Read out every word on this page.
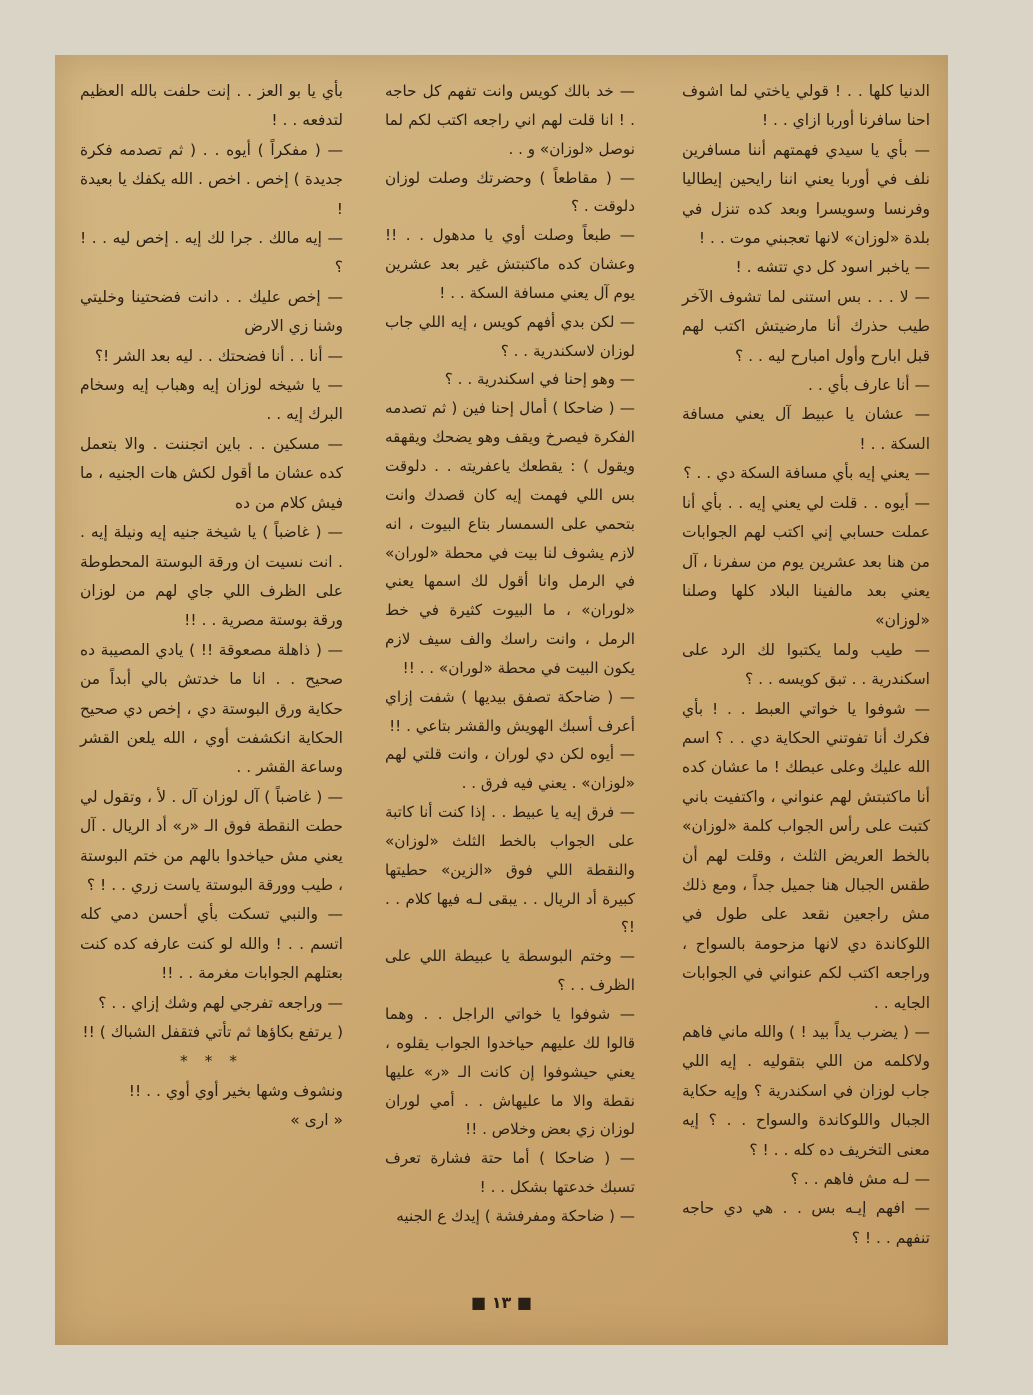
الدنيا كلها . . ! قولي ياختي لما اشوف احنا سافرنا أوربا ازاي . . !

— بأي يا سيدي فهمتهم أننا مسافرين نلف في أوربا يعني اننا رايحين إيطاليا وفرنسا وسويسرا وبعد كده تنزل في بلدة «لوزان» لانها تعجبني موت . . !

— ياخبر اسود كل دي تتشه . !

— لا . . . بس استنى لما تشوف الآخر طيب حذرك أنا مارضيتش اكتب لهم قبل ابارح وأول امبارح ليه . . ؟

— أنا عارف بأي . .

— عشان يا عبيط آل يعني مسافة السكة . . !

— يعني إيه بأي مسافة السكة دي . . ؟

— أيوه . . قلت لي يعني إيه . . بأي أنا عملت حسابي إني اكتب لهم الجوابات من هنا بعد عشرين يوم من سفرنا ، آل يعني بعد مالفينا البلاد كلها وصلنا «لوزان»

— طيب ولما يكتبوا لك الرد على اسكندرية . . تبق كويسه . . ؟

— شوفوا يا خواتي العبط . . ! بأي فكرك أنا تفوتني الحكاية دي . . ؟ اسم الله عليك وعلى عبطك ! ما عشان كده أنا ماكتبتش لهم عنواني ، واكتفيت باني كتبت على رأس الجواب كلمة «لوزان» بالخط العريض الثلث ، وقلت لهم أن طقس الجبال هنا جميل جداً ، ومع ذلك مش راجعين نقعد على طول في اللوكاندة دي لانها مزحومة بالسواح ، وراجعه اكتب لكم عنواني في الجوابات الجايه . .

— ( يضرب يداً بيد ! ) والله ماني فاهم ولاكلمه من اللي بتقوليه . إيه اللي جاب لوزان في اسكندرية ؟ وإيه حكاية الجبال واللوكاندة والسواح . . ؟ إيه معنى التخريف ده كله . . ! ؟

— لـه مش فاهم . . ؟

— افهم إيـه بس . . هي دي حاجه تنفهم . . ! ؟

— خد بالك كويس وانت تفهم كل حاجه . ! انا قلت لهم اني راجعه اكتب لكم لما نوصل «لوزان» و . .

— ( مقاطعاً ) وحضرتك وصلت لوزان دلوقت . ؟

— طبعاً وصلت أوي يا مدهول . . !! وعشان كده ماكتبتش غير بعد عشرين يوم آل يعني مسافة السكة . . !

— لكن بدي أفهم كويس ، إيه اللي جاب لوزان لاسكندرية . . ؟

— وهو إحنا في اسكندرية . . ؟

— ( ضاحكا ) أمال إحنا فين ( ثم تصدمه الفكرة فيصرخ ويقف وهو يضحك ويقهقه ويقول ) : يقطعك ياعفريته . . دلوقت بس اللي فهمت إيه كان قصدك وانت بتحمي على السمسار بتاع البيوت ، انه لازم يشوف لنا بيت في محطة «لوران» في الرمل وانا أقول لك اسمها يعني «لوران» ، ما البيوت كثيرة في خط الرمل ، وانت راسك والف سيف لازم يكون البيت في محطة «لوران» . . !!

— ( ضاحكة تصفق بيديها ) شفت إزاي أعرف أسبك الهويش والقشر بتاعي . !!

— أيوه لكن دي لوران ، وانت قلتي لهم «لوزان» . يعني فيه فرق . .

— فرق إيه يا عبيط . . إذا كنت أنا كاتبة على الجواب بالخط الثلث «لوزان» والنقطة اللي فوق «الزين» حطيتها كبيرة أد الريال . . يبقى لـه فيها كلام . . !؟

— وختم البوسطة يا عبيطة اللي على الظرف . . ؟

— شوفوا يا خواتي الراجل . . وهما قالوا لك عليهم حياخدوا الجواب يقلوه ، يعني حيشوفوا إن كانت الـ «ر» عليها نقطة والا ما عليهاش . . أمي لوران لوزان زي بعض وخلاص . !!

— ( ضاحكا ) أما حتة فشارة تعرف تسبك خدعتها بشكل . . !

— ( ضاحكة ومفرفشة ) إيدك ع الجنيه

بأي يا بو العز . . إنت حلفت بالله العظيم لتدفعه . . !

— ( مفكراً ) أيوه . . ( ثم تصدمه فكرة جديدة ) إخص . اخص . الله يكفك يا بعيدة !

— إيه مالك . جرا لك إيه . إخص ليه . . ! ؟

— إخص عليك . . دانت فضحتينا وخليتي وشنا زي الارض

— أنا . . أنا فضحتك . . ليه بعد الشر !؟

— يا شيخه لوزان إيه وهباب إيه وسخام البرك إيه . .

— مسكين . . باين اتجننت . والا بتعمل كده عشان ما أقول لكش هات الجنيه ، ما فيش كلام من ده

— ( غاضباً ) يا شيخة جنيه إيه ونيلة إيه . . انت نسيت ان ورقة البوستة المحطوطة على الظرف اللي جاي لهم من لوزان ورقة بوستة مصرية . . !!

— ( ذاهلة مصعوقة !! ) يادي المصيبة ده صحيح . . انا ما خدتش بالي أبداً من حكاية ورق البوستة دي ، إخص دي صحيح الحكاية انكشفت أوي ، الله يلعن القشر وساعة القشر . .

— ( غاضباً ) آل لوزان آل . لأ ، وتقول لي حطت النقطة فوق الـ «ر» أد الريال . آل يعني مش حياخدوا بالهم من ختم البوستة ، طيب وورقة البوستة ياست زري . . ! ؟

— والنبي تسكت بأي أحسن دمي كله اتسم . . ! والله لو كنت عارفه كده كنت بعتلهم الجوابات مغرمة . . !!

— وراجعه تفرجي لهم وشك إزاي . . ؟

( يرتفع بكاؤها ثم تأتي فتقفل الشباك ) !!

* * *

ونشوف وشها بخير أوي أوي . . !!

« ارى »

■ ١٣ ■
